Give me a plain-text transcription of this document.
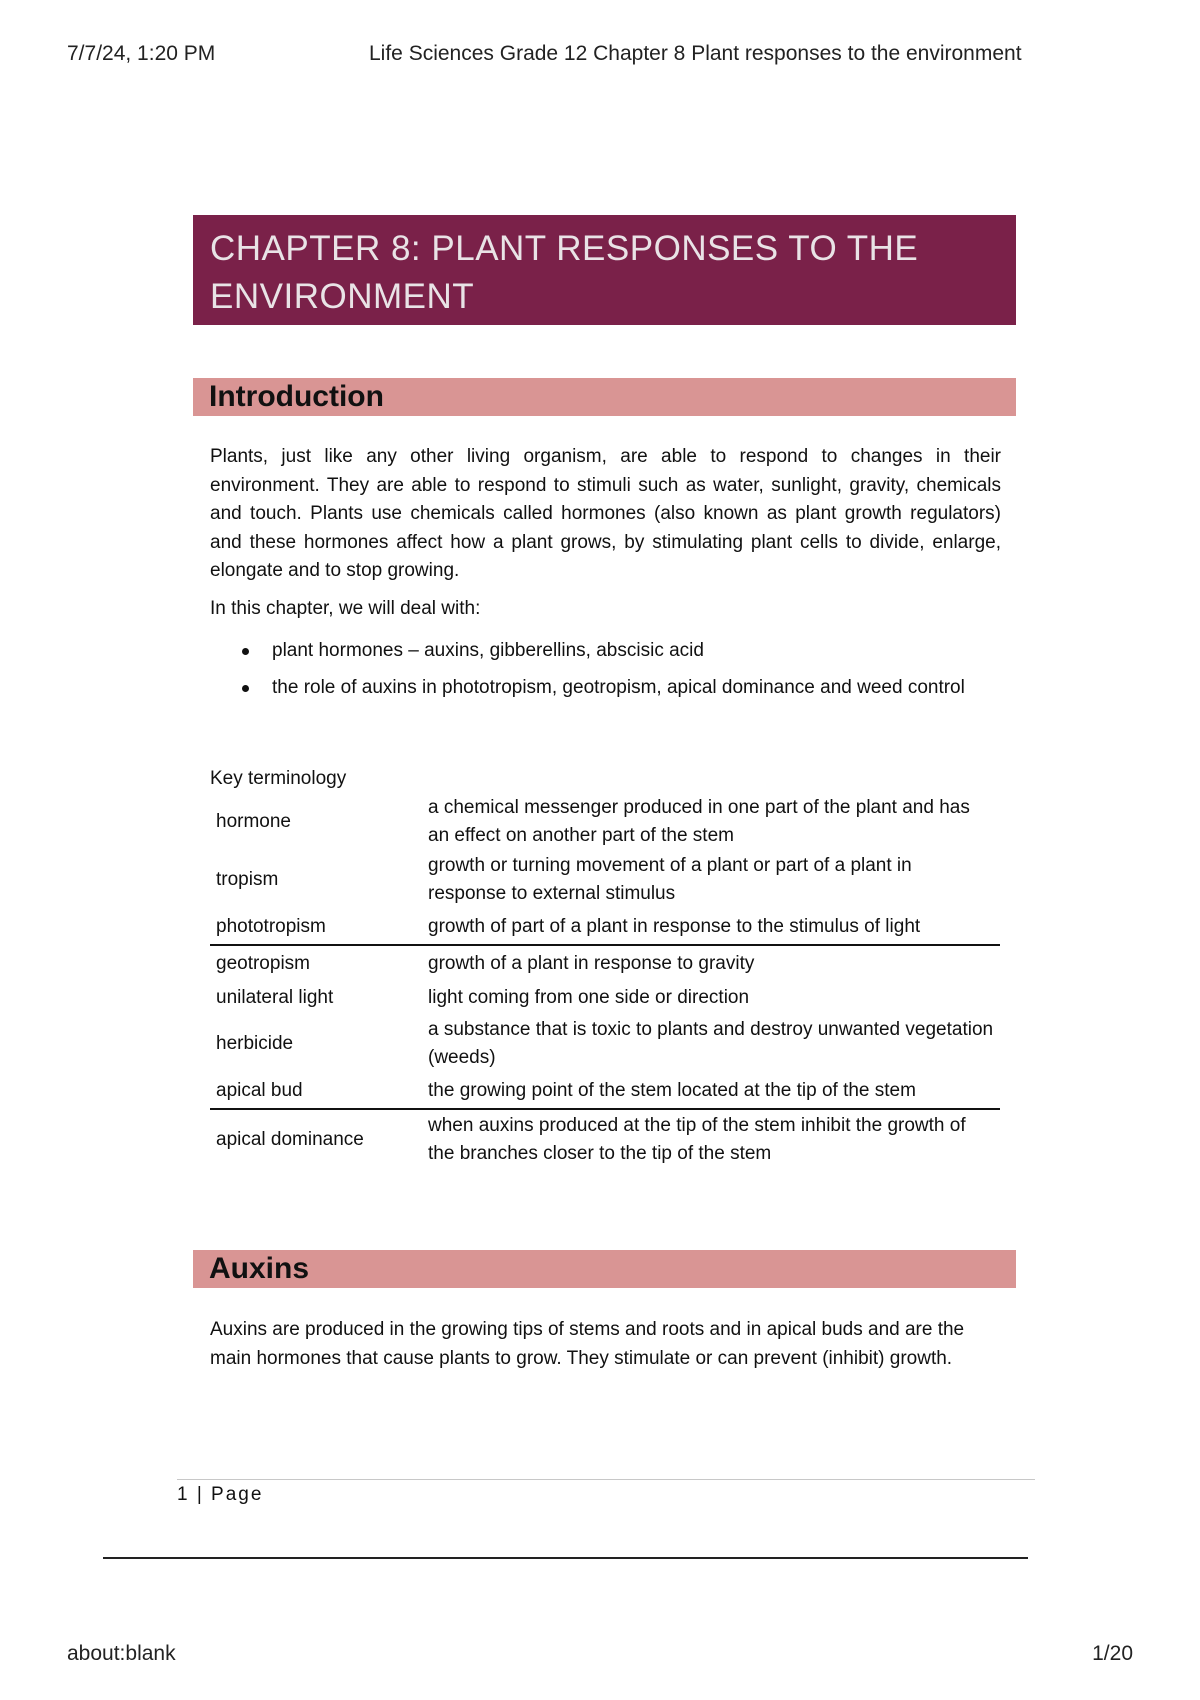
7/7/24, 1:20 PM	Life Sciences Grade 12 Chapter 8 Plant responses to the environment
CHAPTER 8: PLANT RESPONSES TO THE
ENVIRONMENT
Introduction
Plants, just like any other living organism, are able to respond to changes in their environment. They are able to respond to stimuli such as water, sunlight, gravity, chemicals and touch. Plants use chemicals called hormones (also known as plant growth regulators) and these hormones affect how a plant grows, by stimulating plant cells to divide, enlarge, elongate and to stop growing.
In this chapter, we will deal with:
plant hormones – auxins, gibberellins, abscisic acid
the role of auxins in phototropism, geotropism, apical dominance and weed control
Key terminology
hormone	a chemical messenger produced in one part of the plant and has an effect on another part of the stem
tropism	growth or turning movement of a plant or part of a plant in response to external stimulus
phototropism	growth of part of a plant in response to the stimulus of light
geotropism	growth of a plant in response to gravity
unilateral light	light coming from one side or direction
herbicide	a substance that is toxic to plants and destroy unwanted vegetation (weeds)
apical bud	the growing point of the stem located at the tip of the stem
apical dominance	when auxins produced at the tip of the stem inhibit the growth of the branches closer to the tip of the stem
Auxins
Auxins are produced in the growing tips of stems and roots and in apical buds and are the main hormones that cause plants to grow. They stimulate or can prevent (inhibit) growth.
1 | Page
about:blank	1/20
